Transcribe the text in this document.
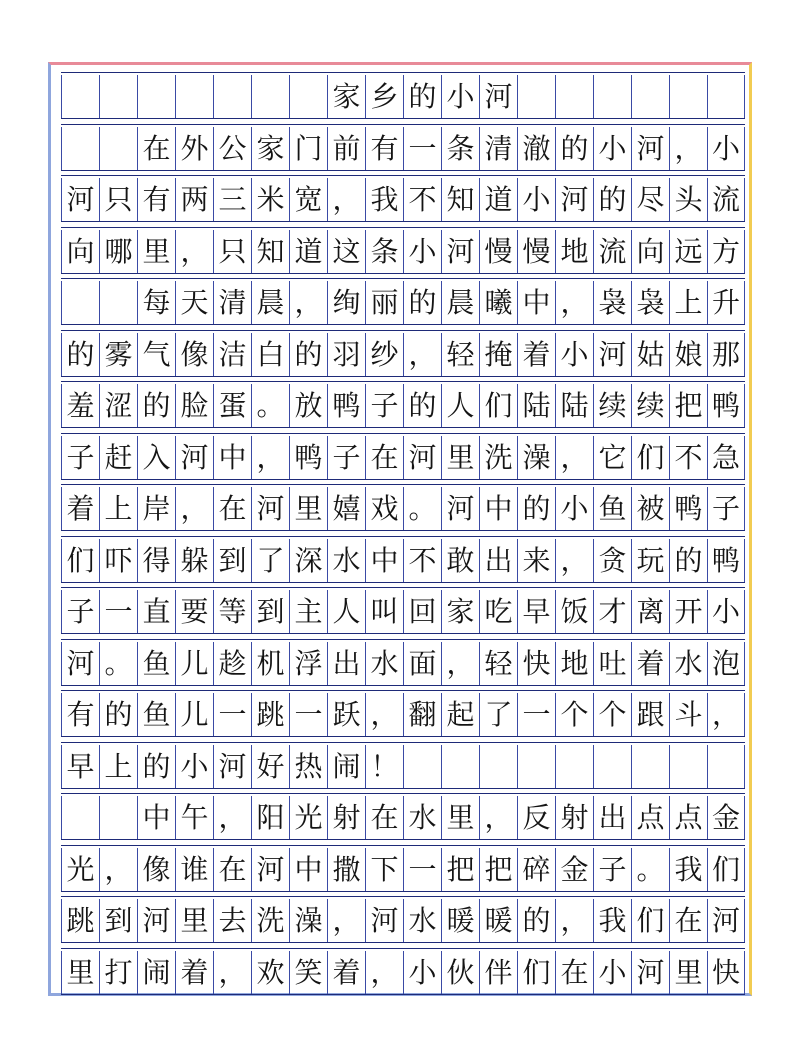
家 乡 的 小 河
在 外 公 家 门 前 有 一 条 清 澈 的 小 河 ， 小
河 只 有 两 三 米 宽 ， 我 不 知 道 小 河 的 尽 头 流
向 哪 里 ， 只 知 道 这 条 小 河 慢 慢 地 流 向 远 方
每 天 清 晨 ， 绚 丽 的 晨 曦 中 ， 袅 袅 上 升
的 雾 气 像 洁 白 的 羽 纱 ， 轻 掩 着 小 河 姑 娘 那
羞 涩 的 脸 蛋 。 放 鸭 子 的 人 们 陆 陆 续 续 把 鸭
子 赶 入 河 中 ， 鸭 子 在 河 里 洗 澡 ， 它 们 不 急
着 上 岸 ， 在 河 里 嬉 戏 。 河 中 的 小 鱼 被 鸭 子
们 吓 得 躲 到 了 深 水 中 不 敢 出 来 ， 贪 玩 的 鸭
子 一 直 要 等 到 主 人 叫 回 家 吃 早 饭 才 离 开 小
河 。 鱼 儿 趁 机 浮 出 水 面 ， 轻 快 地 吐 着 水 泡
有 的 鱼 儿 一 跳 一 跃 ， 翻 起 了 一 个 个 跟 斗 ，
早 上 的 小 河 好 热 闹 ！
中 午 ， 阳 光 射 在 水 里 ， 反 射 出 点 点 金
光 ， 像 谁 在 河 中 撒 下 一 把 把 碎 金 子 。 我 们
跳 到 河 里 去 洗 澡 ， 河 水 暖 暖 的 ， 我 们 在 河
里 打 闹 着 ， 欢 笑 着 ， 小 伙 伴 们 在 小 河 里 快
